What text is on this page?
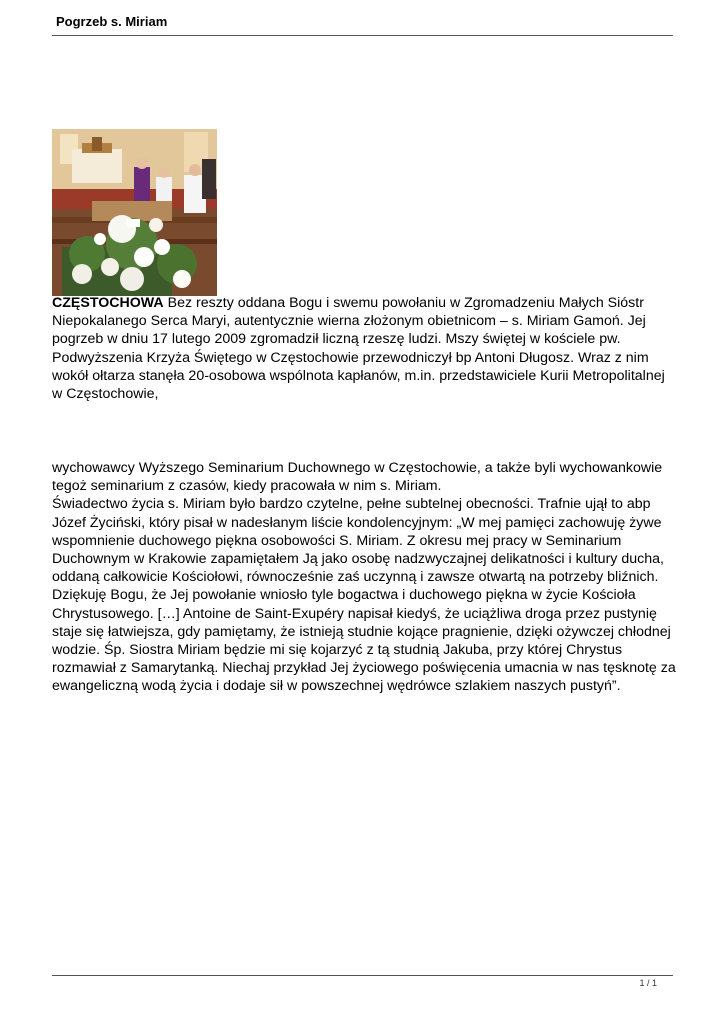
Pogrzeb s. Miriam
CZĘSTOCHOWA Bez reszty oddana Bogu i swemu powołaniu w Zgromadzeniu Małych Sióstr Niepokalanego Serca Maryi, autentycznie wierna złożonym obietnicom – s. Miriam Gamoń. Jej pogrzeb w dniu 17 lutego 2009 zgromadził liczną rzeszę ludzi. Mszy świętej w kościele pw. Podwyższenia Krzyża Świętego w Częstochowie przewodniczył bp Antoni Długosz. Wraz z nim wokół ołtarza stanęła 20-osobowa wspólnota kapłanów, m.in. przedstawiciele Kurii Metropolitalnej w Częstochowie,
wychowawcy Wyższego Seminarium Duchownego w Częstochowie, a także byli wychowankowie tegoż seminarium z czasów, kiedy pracowała w nim s. Miriam.
Świadectwo życia s. Miriam było bardzo czytelne, pełne subtelnej obecności. Trafnie ujął to abp Józef Życiński, który pisał w nadesłanym liście kondolencyjnym: „W mej pamięci zachowuję żywe wspomnienie duchowego piękna osobowości S. Miriam. Z okresu mej pracy w Seminarium Duchownym w Krakowie zapamiętałem Ją jako osobę nadzwyczajnej delikatności i kultury ducha, oddaną całkowicie Kościołowi, równocześnie zaś uczynną i zawsze otwartą na potrzeby bliźnich. Dziękuję Bogu, że Jej powołanie wniosło tyle bogactwa i duchowego piękna w życie Kościoła Chrystusowego. […] Antoine de Saint-Exupéry napisał kiedyś, że uciążliwa droga przez pustynię staje się łatwiejsza, gdy pamiętamy, że istnieją studnie kojące pragnienie, dzięki ożywczej chłodnej wodzie. Śp. Siostra Miriam będzie mi się kojarzyć z tą studnią Jakuba, przy której Chrystus rozmawiał z Samarytanką. Niechaj przykład Jej życiowego poświęcenia umacnia w nas tęsknotę za ewangeliczną wodą życia i dodaje sił w powszechnej wędrówce szlakiem naszych pustyń”.
1 / 1
